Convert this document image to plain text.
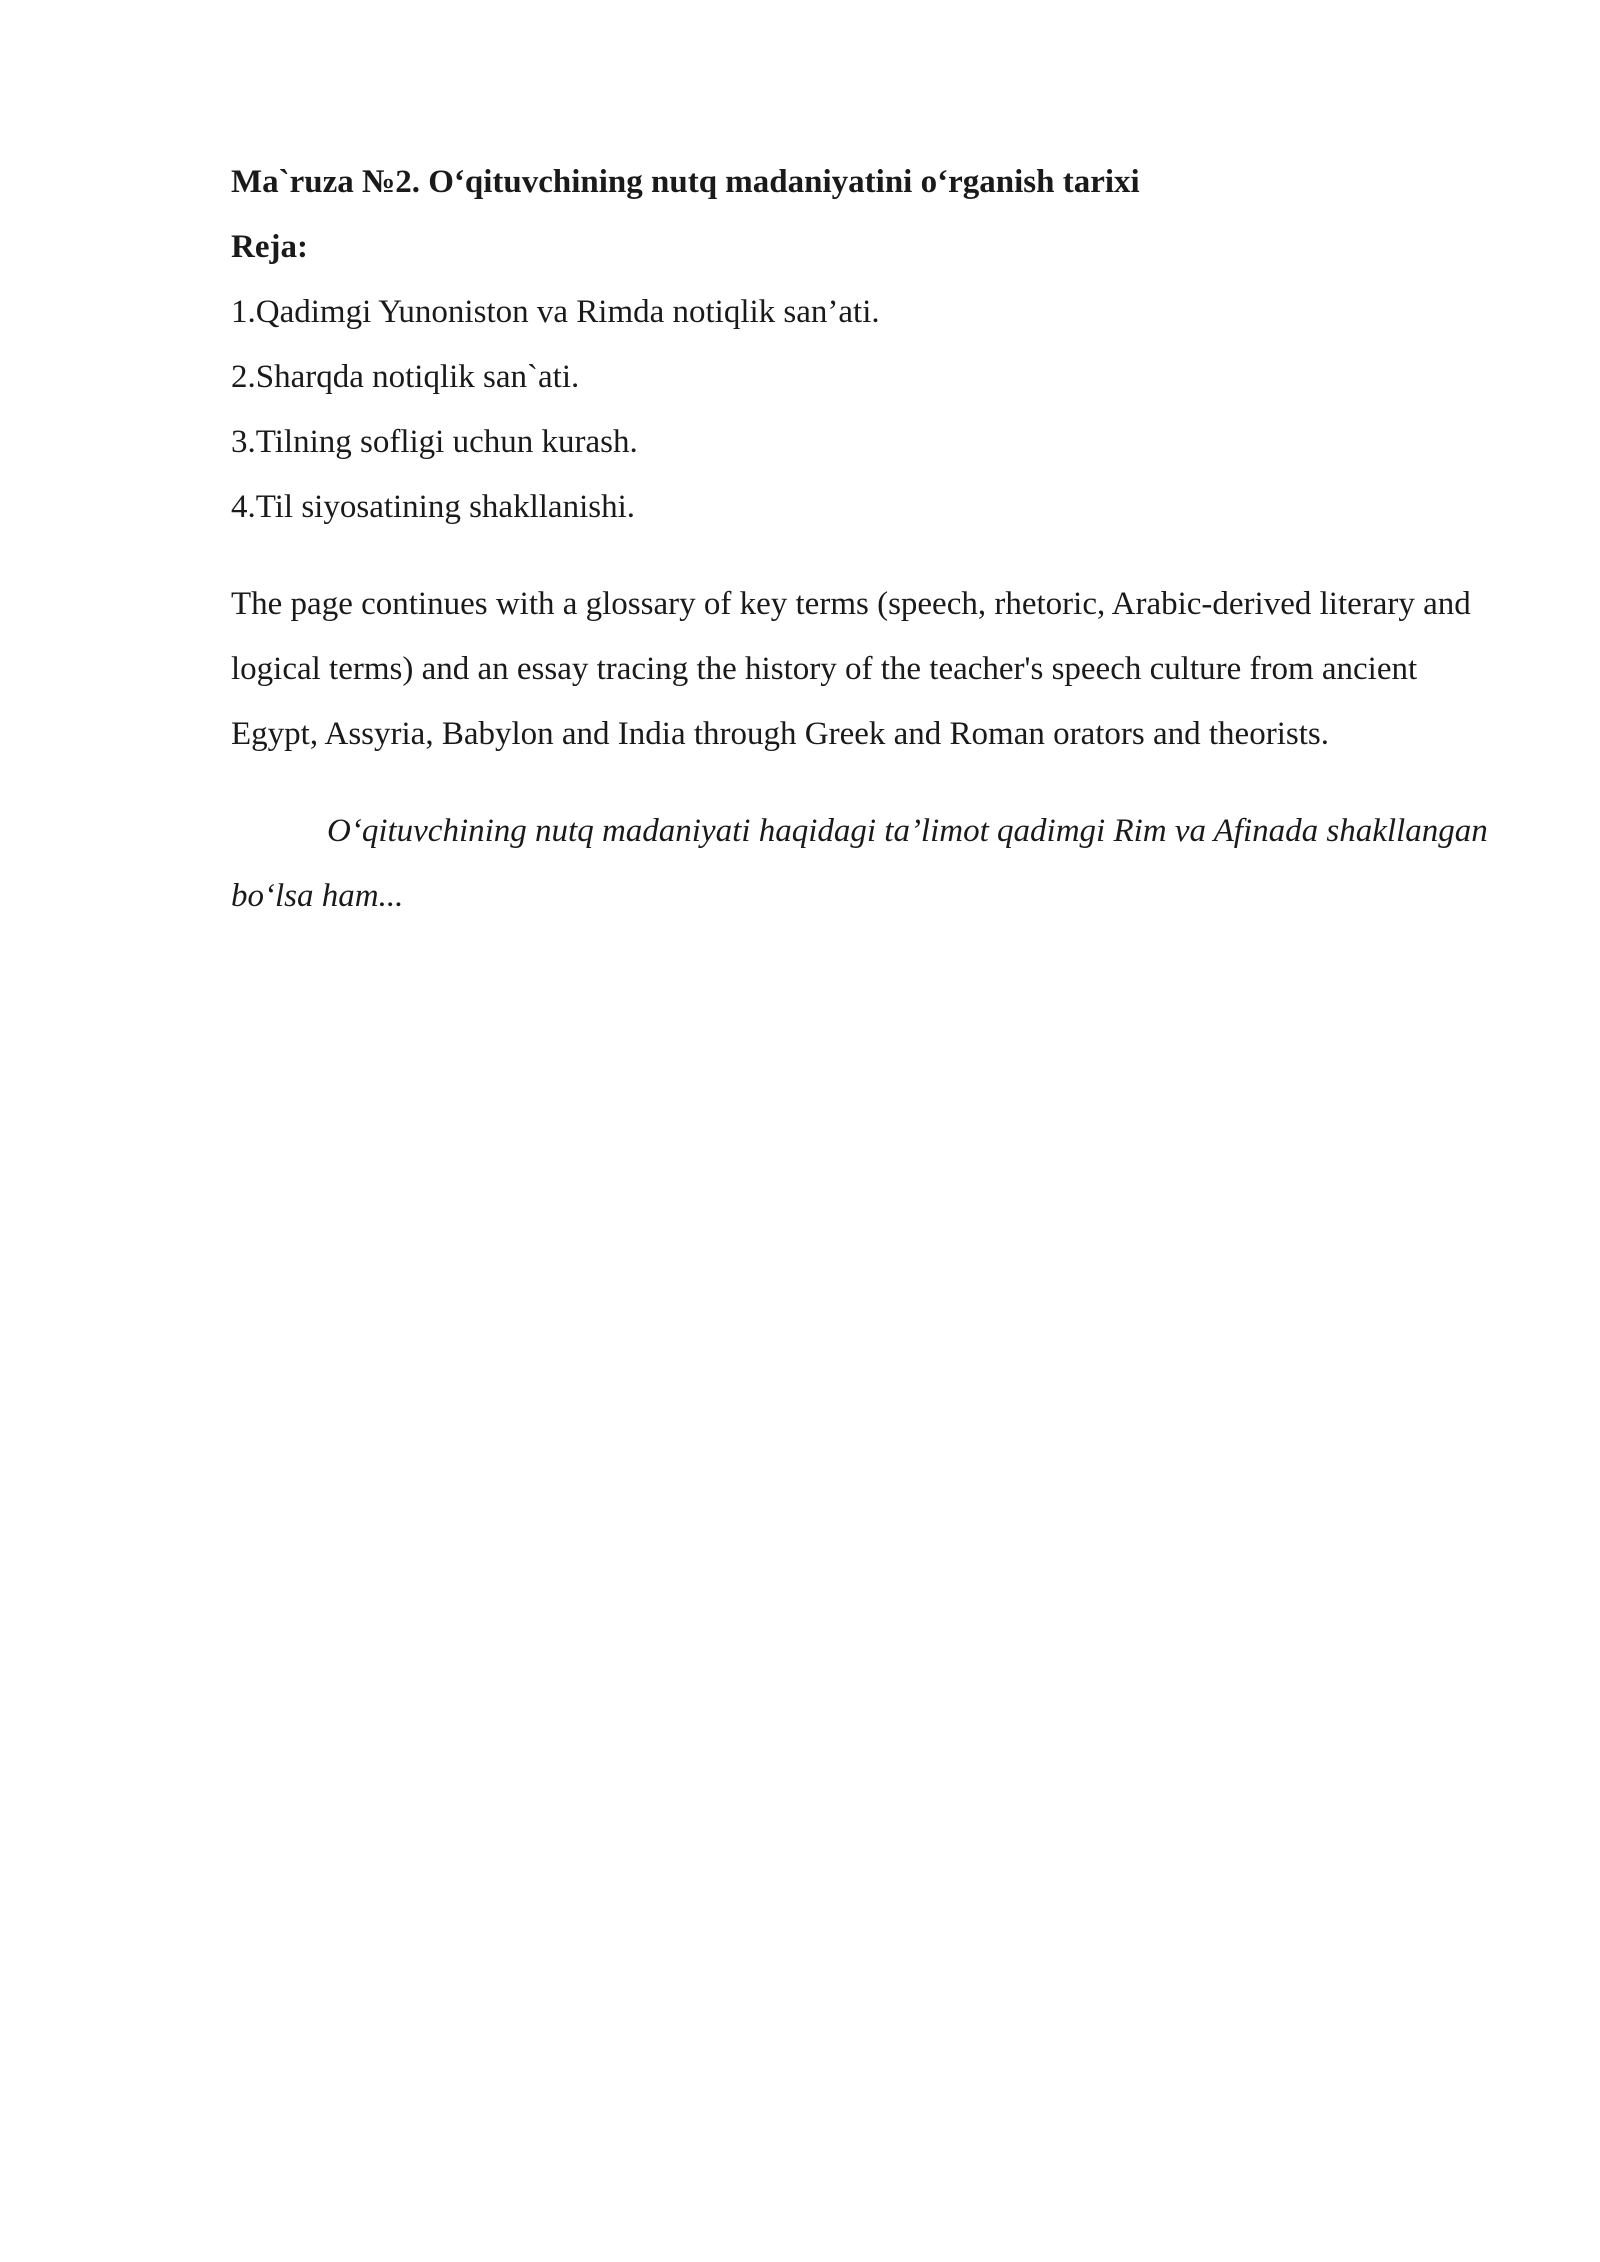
Ma`ruza №2. O‘qituvchining nutq madaniyatini o‘rganish tarixi
Reja:
1.Qadimgi Yunoniston va Rimda notiqlik san’ati.
2.Sharqda notiqlik san`ati.
3.Tilning sofligi uchun kurash.
4.Til siyosatining shakllanishi.
The page continues with a glossary of key terms (speech, rhetoric, Arabic-derived literary and logical terms) and an essay tracing the history of the teacher's speech culture from ancient Egypt, Assyria, Babylon and India through Greek and Roman orators and theorists.
O‘qituvchining nutq madaniyati haqidagi ta’limot qadimgi Rim va Afinada shakllangan bo‘lsa ham...
